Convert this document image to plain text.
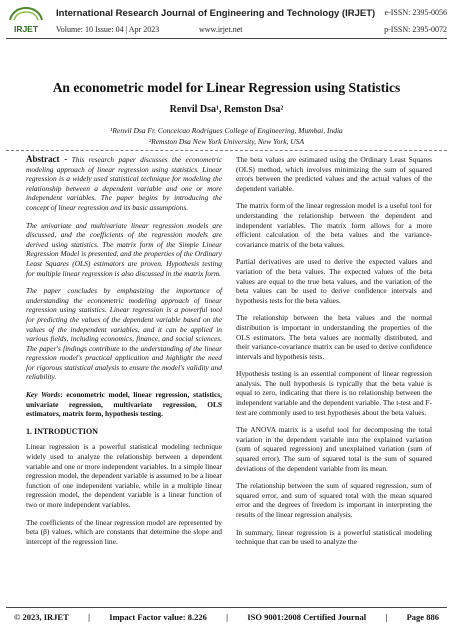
IRJET
International Research Journal of Engineering and Technology (IRJET)
Volume: 10 Issue: 04 | Apr 2023	www.irjet.net
e-ISSN: 2395-0056
p-ISSN: 2395-0072
An econometric model for Linear Regression using Statistics
Renvil Dsa¹, Remston Dsa²
¹Renvil Dsa Fr. Conceicao Rodrigues College of Engineering, Mumbai, India
²Remston Dsa New York University, New York, USA

Abstract - This research paper discusses the econometric modeling approach of linear regression using statistics. Linear regression is a widely used statistical technique for modeling the relationship between a dependent variable and one or more independent variables. The paper begins by introducing the concept of linear regression and its basic assumptions.

The univariate and multivariate linear regression models are discussed, and the coefficients of the regression models are derived using statistics. The matrix form of the Simple Linear Regression Model is presented, and the properties of the Ordinary Least Squares (OLS) estimators are proven. Hypothesis testing for multiple linear regression is also discussed in the matrix form.

The paper concludes by emphasizing the importance of understanding the econometric modeling approach of linear regression using statistics. Linear regression is a powerful tool for predicting the values of the dependent variable based on the values of the independent variables, and it can be applied in various fields, including economics, finance, and social sciences. The paper's findings contribute to the understanding of the linear regression model's practical application and highlight the need for rigorous statistical analysis to ensure the model's validity and reliability.

Key Words: econometric model, linear regression, statistics, univariate regression, multivariate regression, OLS estimators, matrix form, hypothesis testing.

1. INTRODUCTION

Linear regression is a powerful statistical modeling technique widely used to analyze the relationship between a dependent variable and one or more independent variables. In a simple linear regression model, the dependent variable is assumed to be a linear function of one independent variable, while in a multiple linear regression model, the dependent variable is a linear function of two or more independent variables.

The coefficients of the linear regression model are represented by beta (β) values, which are constants that determine the slope and intercept of the regression line.

The beta values are estimated using the Ordinary Least Squares (OLS) method, which involves minimizing the sum of squared errors between the predicted values and the actual values of the dependent variable.

The matrix form of the linear regression model is a useful tool for understanding the relationship between the dependent and independent variables. The matrix form allows for a more efficient calculation of the beta values and the variance-covariance matrix of the beta values.

Partial derivatives are used to derive the expected values and variation of the beta values. The expected values of the beta values are equal to the true beta values, and the variation of the beta values can be used to derive confidence intervals and hypothesis tests for the beta values.

The relationship between the beta values and the normal distribution is important in understanding the properties of the OLS estimators. The beta values are normally distributed, and their variance-covariance matrix can be used to derive confidence intervals and hypothesis tests.

Hypothesis testing is an essential component of linear regression analysis. The null hypothesis is typically that the beta value is equal to zero, indicating that there is no relationship between the independent variable and the dependent variable. The t-test and F-test are commonly used to test hypotheses about the beta values.

The ANOVA matrix is a useful tool for decomposing the total variation in the dependent variable into the explained variation (sum of squared regression) and unexplained variation (sum of squared error). The sum of squared total is the sum of squared deviations of the dependent variable from its mean.

The relationship between the sum of squared regression, sum of squared error, and sum of squared total with the mean squared error and the degrees of freedom is important in interpreting the results of the linear regression analysis.

In summary, linear regression is a powerful statistical modeling technique that can be used to analyze the

© 2023, IRJET | Impact Factor value: 8.226 | ISO 9001:2008 Certified Journal | Page 886
